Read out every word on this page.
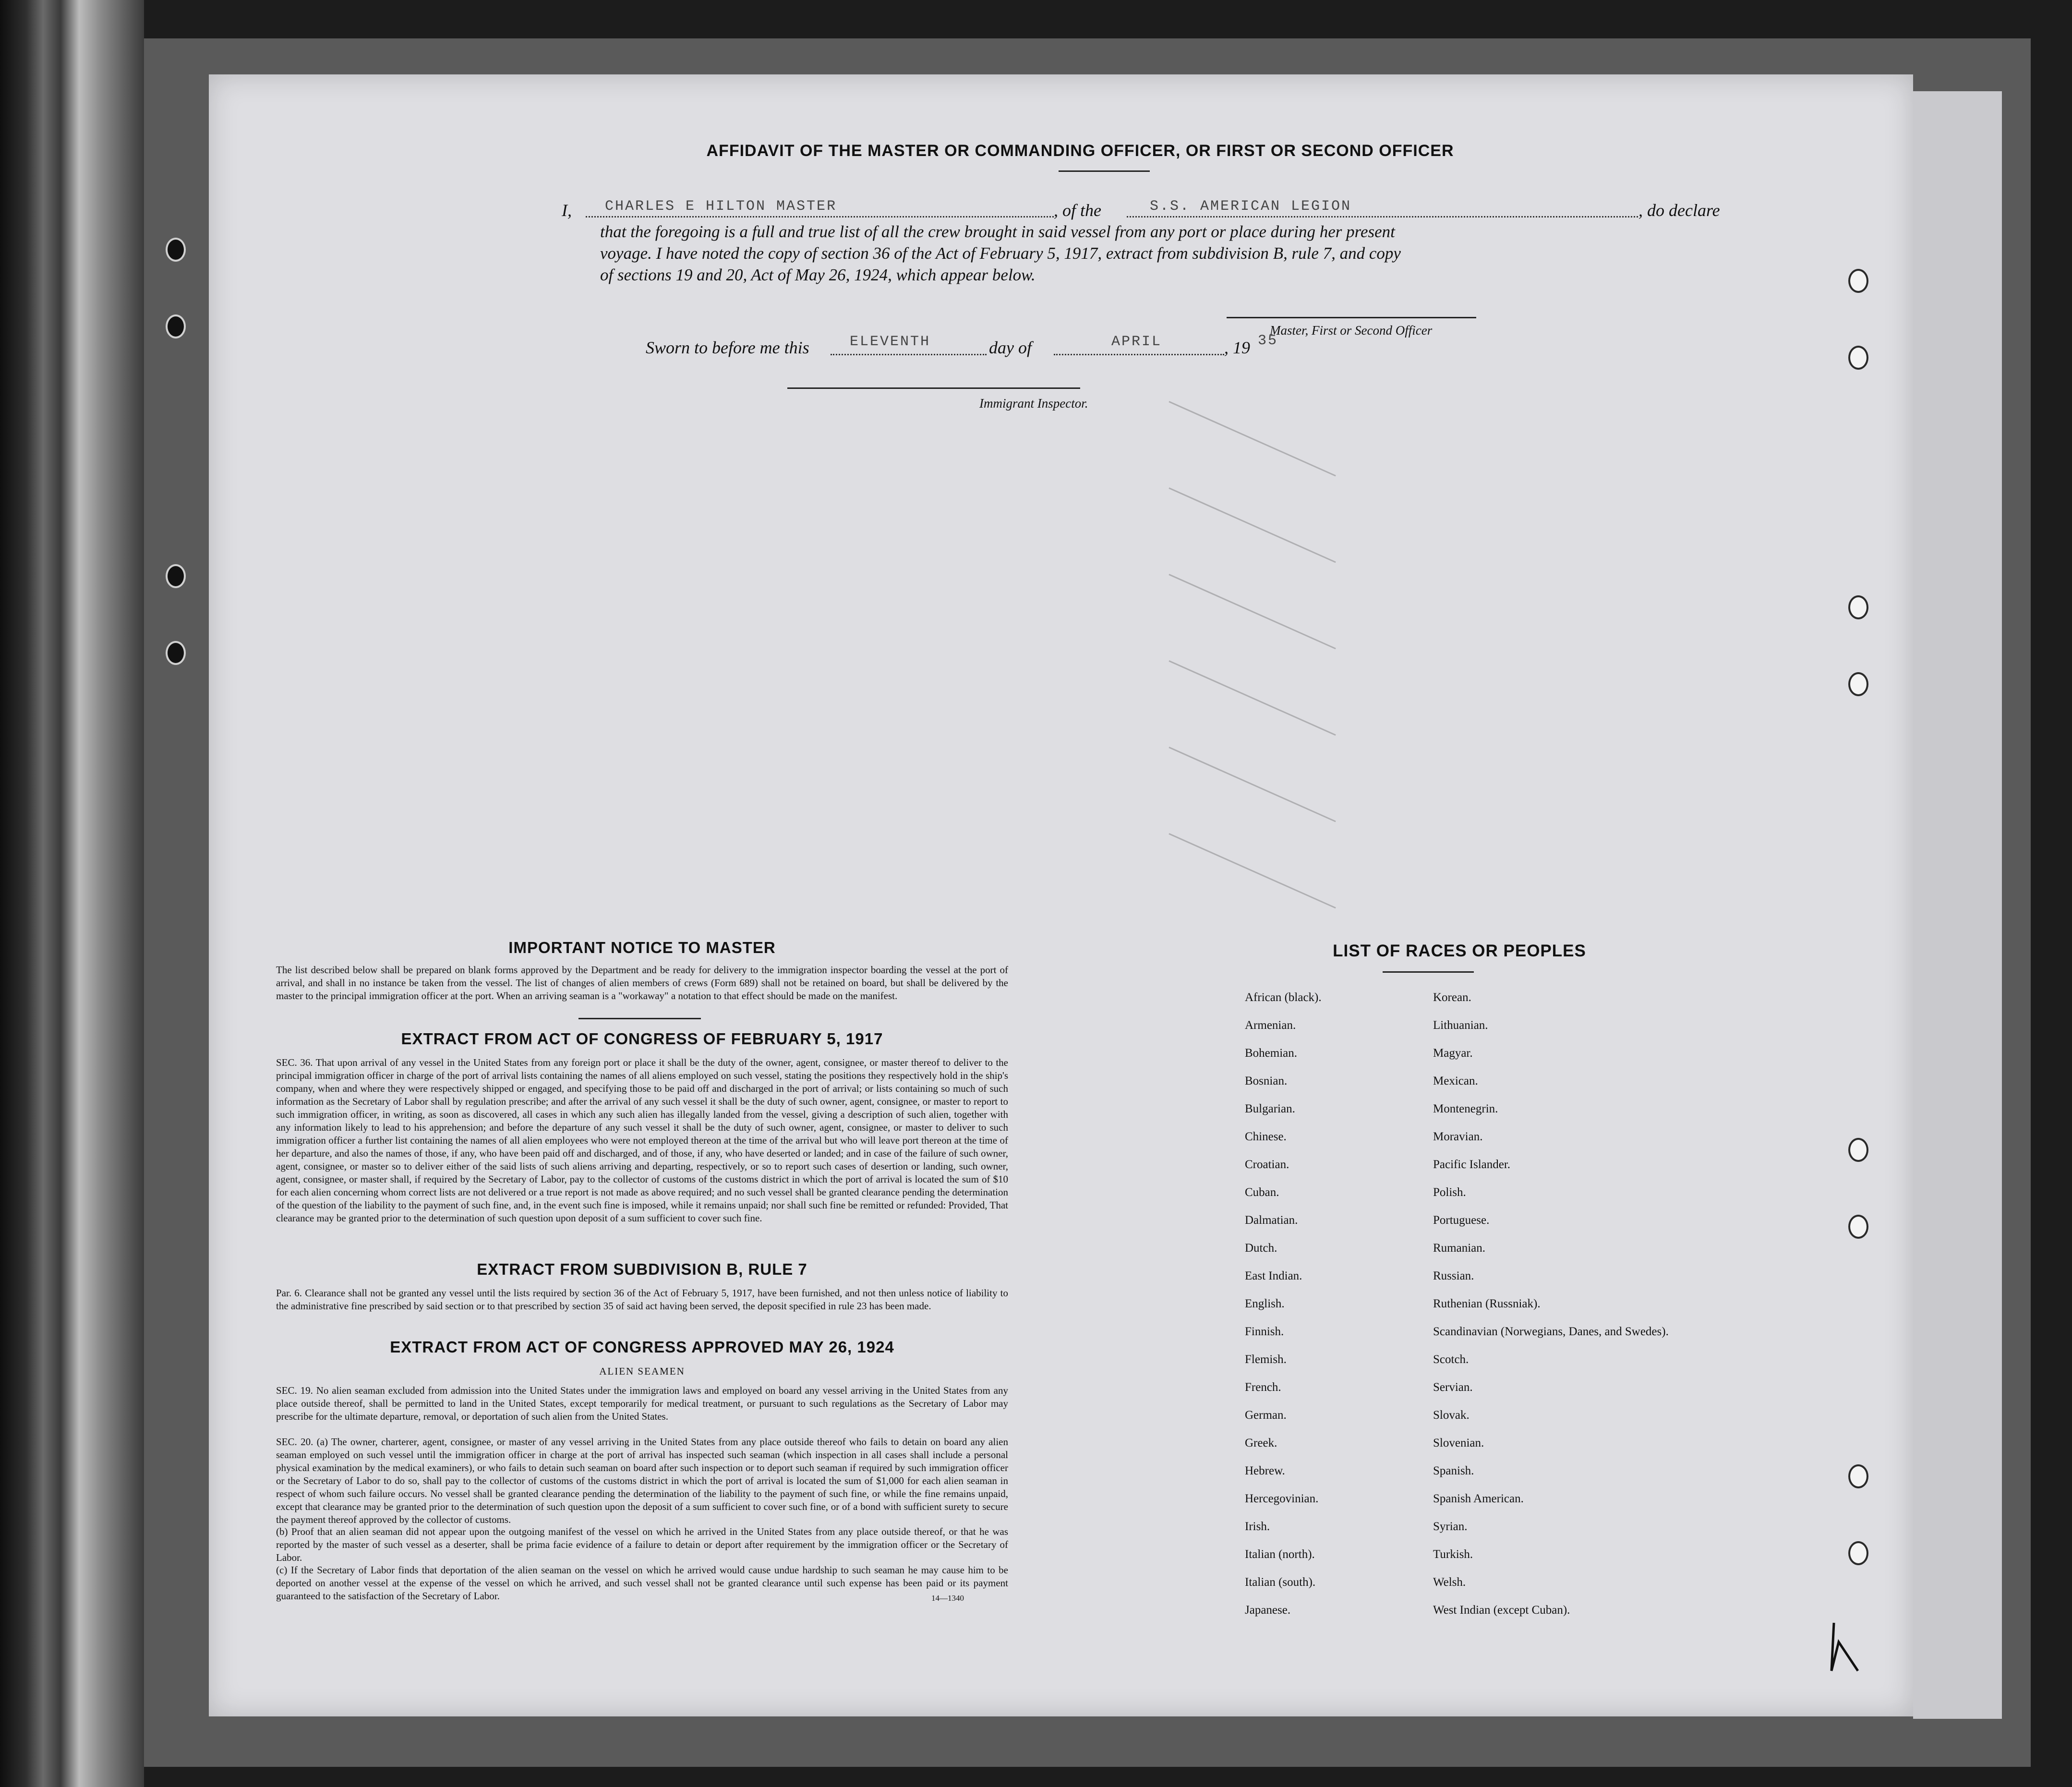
AFFIDAVIT OF THE MASTER OR COMMANDING OFFICER, OR FIRST OR SECOND OFFICER
I, CHARLES E HILTON MASTER	, of the	S.S. AMERICAN LEGION	, do declare
that the foregoing is a full and true list of all the crew brought in said vessel from any port or place during her present
voyage. I have noted the copy of section 36 of the Act of February 5, 1917, extract from subdivision B, rule 7, and copy
of sections 19 and 20, Act of May 26, 1924, which appear below.
Master, First or Second Officer
Sworn to before me this	ELEVENTH	day of	APRIL	, 19 35
Immigrant Inspector.
IMPORTANT NOTICE TO MASTER
The list described below shall be prepared on blank forms approved by the Department and be ready for delivery to the immigration inspector boarding the vessel at the port of arrival, and shall in no instance be taken from the vessel. The list of changes of alien members of crews (Form 689) shall not be retained on board, but shall be delivered by the master to the principal immigration officer at the port. When an arriving seaman is a "workaway" a notation to that effect should be made on the manifest.
EXTRACT FROM ACT OF CONGRESS OF FEBRUARY 5, 1917
SEC. 36. That upon arrival of any vessel in the United States from any foreign port or place it shall be the duty of the owner, agent, consignee, or master thereof to deliver to the principal immigration officer in charge of the port of arrival lists containing the names of all aliens employed on such vessel, stating the positions they respectively hold in the ship's company, when and where they were respectively shipped or engaged, and specifying those to be paid off and discharged in the port of arrival; or lists containing so much of such information as the Secretary of Labor shall by regulation prescribe; and after the arrival of any such vessel it shall be the duty of such owner, agent, consignee, or master to report to such immigration officer, in writing, as soon as discovered, all cases in which any such alien has illegally landed from the vessel, giving a description of such alien, together with any information likely to lead to his apprehension; and before the departure of any such vessel it shall be the duty of such owner, agent, consignee, or master to deliver to such immigration officer a further list containing the names of all alien employees who were not employed thereon at the time of the arrival but who will leave port thereon at the time of her departure, and also the names of those, if any, who have been paid off and discharged, and of those, if any, who have deserted or landed; and in case of the failure of such owner, agent, consignee, or master so to deliver either of the said lists of such aliens arriving and departing, respectively, or so to report such cases of desertion or landing, such owner, agent, consignee, or master shall, if required by the Secretary of Labor, pay to the collector of customs of the customs district in which the port of arrival is located the sum of $10 for each alien concerning whom correct lists are not delivered or a true report is not made as above required; and no such vessel shall be granted clearance pending the determination of the question of the liability to the payment of such fine, and, in the event such fine is imposed, while it remains unpaid; nor shall such fine be remitted or refunded: Provided, That clearance may be granted prior to the determination of such question upon deposit of a sum sufficient to cover such fine.
EXTRACT FROM SUBDIVISION B, RULE 7
Par. 6. Clearance shall not be granted any vessel until the lists required by section 36 of the Act of February 5, 1917, have been furnished, and not then unless notice of liability to the administrative fine prescribed by said section or to that prescribed by section 35 of said act having been served, the deposit specified in rule 23 has been made.
EXTRACT FROM ACT OF CONGRESS APPROVED MAY 26, 1924
ALIEN SEAMEN
SEC. 19. No alien seaman excluded from admission into the United States under the immigration laws and employed on board any vessel arriving in the United States from any place outside thereof, shall be permitted to land in the United States, except temporarily for medical treatment, or pursuant to such regulations as the Secretary of Labor may prescribe for the ultimate departure, removal, or deportation of such alien from the United States.
SEC. 20. (a) The owner, charterer, agent, consignee, or master of any vessel arriving in the United States from any place outside thereof who fails to detain on board any alien seaman employed on such vessel until the immigration officer in charge at the port of arrival has inspected such seaman (which inspection in all cases shall include a personal physical examination by the medical examiners), or who fails to detain such seaman on board after such inspection or to deport such seaman if required by such immigration officer or the Secretary of Labor to do so, shall pay to the collector of customs of the customs district in which the port of arrival is located the sum of $1,000 for each alien seaman in respect of whom such failure occurs. No vessel shall be granted clearance pending the determination of the liability to the payment of such fine, or while the fine remains unpaid, except that clearance may be granted prior to the determination of such question upon the deposit of a sum sufficient to cover such fine, or of a bond with sufficient surety to secure the payment thereof approved by the collector of customs.
(b) Proof that an alien seaman did not appear upon the outgoing manifest of the vessel on which he arrived in the United States from any place outside thereof, or that he was reported by the master of such vessel as a deserter, shall be prima facie evidence of a failure to detain or deport after requirement by the immigration officer or the Secretary of Labor.
(c) If the Secretary of Labor finds that deportation of the alien seaman on the vessel on which he arrived would cause undue hardship to such seaman he may cause him to be deported on another vessel at the expense of the vessel on which he arrived, and such vessel shall not be granted clearance until such expense has been paid or its payment guaranteed to the satisfaction of the Secretary of Labor.	14—1340
LIST OF RACES OR PEOPLES
African (black).
Armenian.
Bohemian.
Bosnian.
Bulgarian.
Chinese.
Croatian.
Cuban.
Dalmatian.
Dutch.
East Indian.
English.
Finnish.
Flemish.
French.
German.
Greek.
Hebrew.
Hercegovinian.
Irish.
Italian (north).
Italian (south).
Japanese.
Korean.
Lithuanian.
Magyar.
Mexican.
Montenegrin.
Moravian.
Pacific Islander.
Polish.
Portuguese.
Rumanian.
Russian.
Ruthenian (Russniak).
Scandinavian (Norwegians, Danes, and Swedes).
Scotch.
Servian.
Slovak.
Slovenian.
Spanish.
Spanish American.
Syrian.
Turkish.
Welsh.
West Indian (except Cuban).
